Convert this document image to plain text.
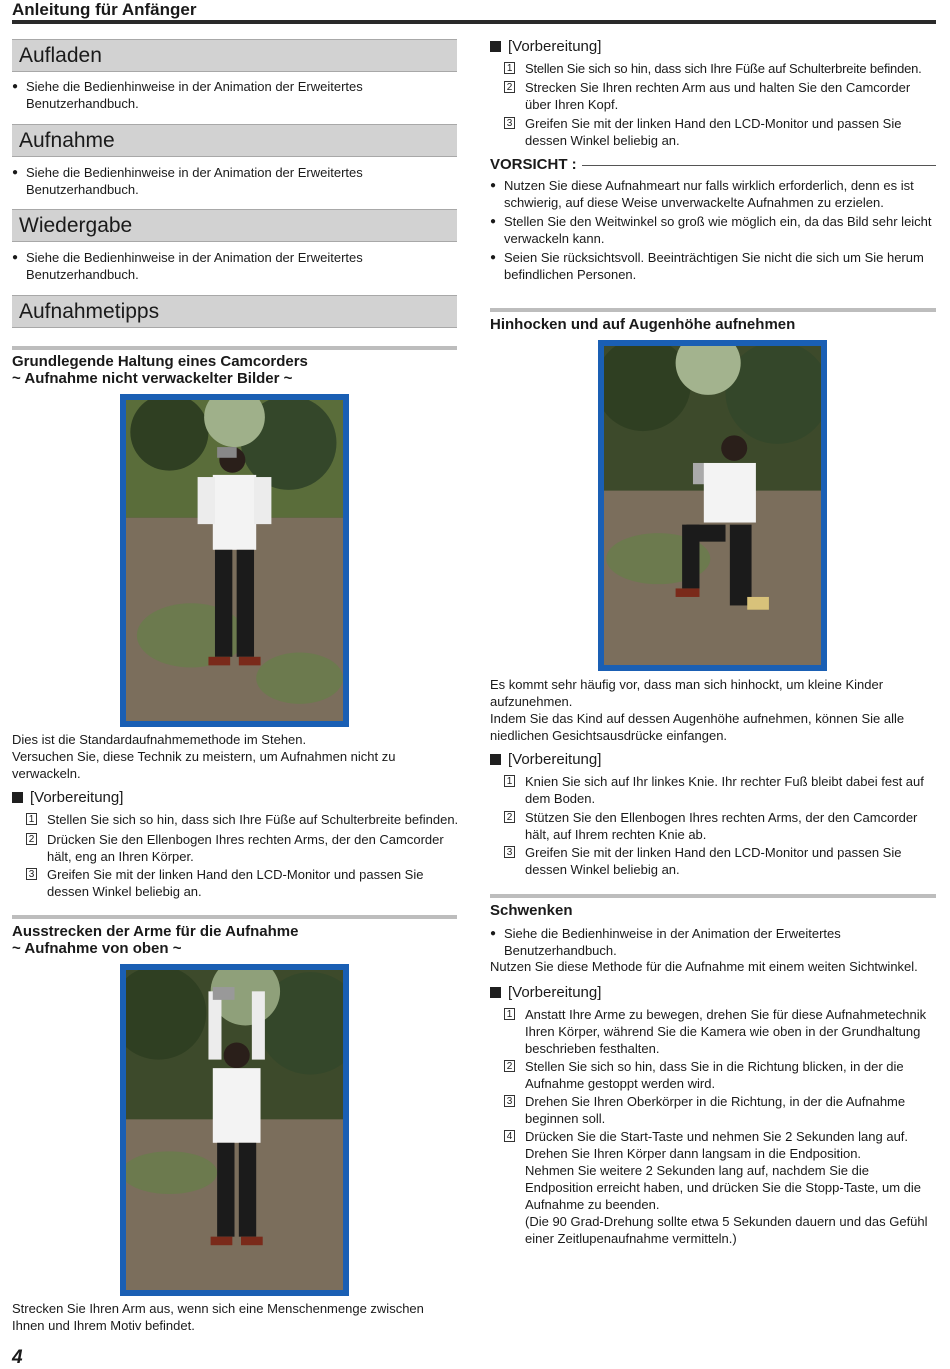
Anleitung für Anfänger
Aufladen
● Siehe die Bedienhinweise in der Animation der Erweitertes
Benutzerhandbuch.
Aufnahme
● Siehe die Bedienhinweise in der Animation der Erweitertes
Benutzerhandbuch.
Wiedergabe
● Siehe die Bedienhinweise in der Animation der Erweitertes
Benutzerhandbuch.
Aufnahmetipps
Grundlegende Haltung eines Camcorders
~ Aufnahme nicht verwackelter Bilder ~
Dies ist die Standardaufnahmemethode im Stehen.
Versuchen Sie, diese Technik zu meistern, um Aufnahmen nicht zu
verwackeln.
[Vorbereitung]
1 Stellen Sie sich so hin, dass sich Ihre Füße auf Schulterbreite befinden.
2 Drücken Sie den Ellenbogen Ihres rechten Arms, der den Camcorder
hält, eng an Ihren Körper.
3 Greifen Sie mit der linken Hand den LCD-Monitor und passen Sie
dessen Winkel beliebig an.
Ausstrecken der Arme für die Aufnahme
~ Aufnahme von oben ~
Strecken Sie Ihren Arm aus, wenn sich eine Menschenmenge zwischen
Ihnen und Ihrem Motiv befindet.
4
[Vorbereitung]
1 Stellen Sie sich so hin, dass sich Ihre Füße auf Schulterbreite befinden.
2 Strecken Sie Ihren rechten Arm aus und halten Sie den Camcorder
über Ihren Kopf.
3 Greifen Sie mit der linken Hand den LCD-Monitor und passen Sie
dessen Winkel beliebig an.
VORSICHT :
● Nutzen Sie diese Aufnahmeart nur falls wirklich erforderlich, denn es ist
schwierig, auf diese Weise unverwackelte Aufnahmen zu erzielen.
● Stellen Sie den Weitwinkel so groß wie möglich ein, da das Bild sehr leicht
verwackeln kann.
● Seien Sie rücksichtsvoll. Beeinträchtigen Sie nicht die sich um Sie herum
befindlichen Personen.
Hinhocken und auf Augenhöhe aufnehmen
Es kommt sehr häufig vor, dass man sich hinhockt, um kleine Kinder
aufzunehmen.
Indem Sie das Kind auf dessen Augenhöhe aufnehmen, können Sie alle
niedlichen Gesichtsausdrücke einfangen.
[Vorbereitung]
1 Knien Sie sich auf Ihr linkes Knie. Ihr rechter Fuß bleibt dabei fest auf
dem Boden.
2 Stützen Sie den Ellenbogen Ihres rechten Arms, der den Camcorder
hält, auf Ihrem rechten Knie ab.
3 Greifen Sie mit der linken Hand den LCD-Monitor und passen Sie
dessen Winkel beliebig an.
Schwenken
● Siehe die Bedienhinweise in der Animation der Erweitertes
Benutzerhandbuch.
Nutzen Sie diese Methode für die Aufnahme mit einem weiten Sichtwinkel.
[Vorbereitung]
1 Anstatt Ihre Arme zu bewegen, drehen Sie für diese Aufnahmetechnik
Ihren Körper, während Sie die Kamera wie oben in der Grundhaltung
beschrieben festhalten.
2 Stellen Sie sich so hin, dass Sie in die Richtung blicken, in der die
Aufnahme gestoppt werden wird.
3 Drehen Sie Ihren Oberkörper in die Richtung, in der die Aufnahme
beginnen soll.
4 Drücken Sie die Start-Taste und nehmen Sie 2 Sekunden lang auf.
Drehen Sie Ihren Körper dann langsam in die Endposition.
Nehmen Sie weitere 2 Sekunden lang auf, nachdem Sie die
Endposition erreicht haben, und drücken Sie die Stopp-Taste, um die
Aufnahme zu beenden.
(Die 90 Grad-Drehung sollte etwa 5 Sekunden dauern und das Gefühl
einer Zeitlupenaufnahme vermitteln.)
